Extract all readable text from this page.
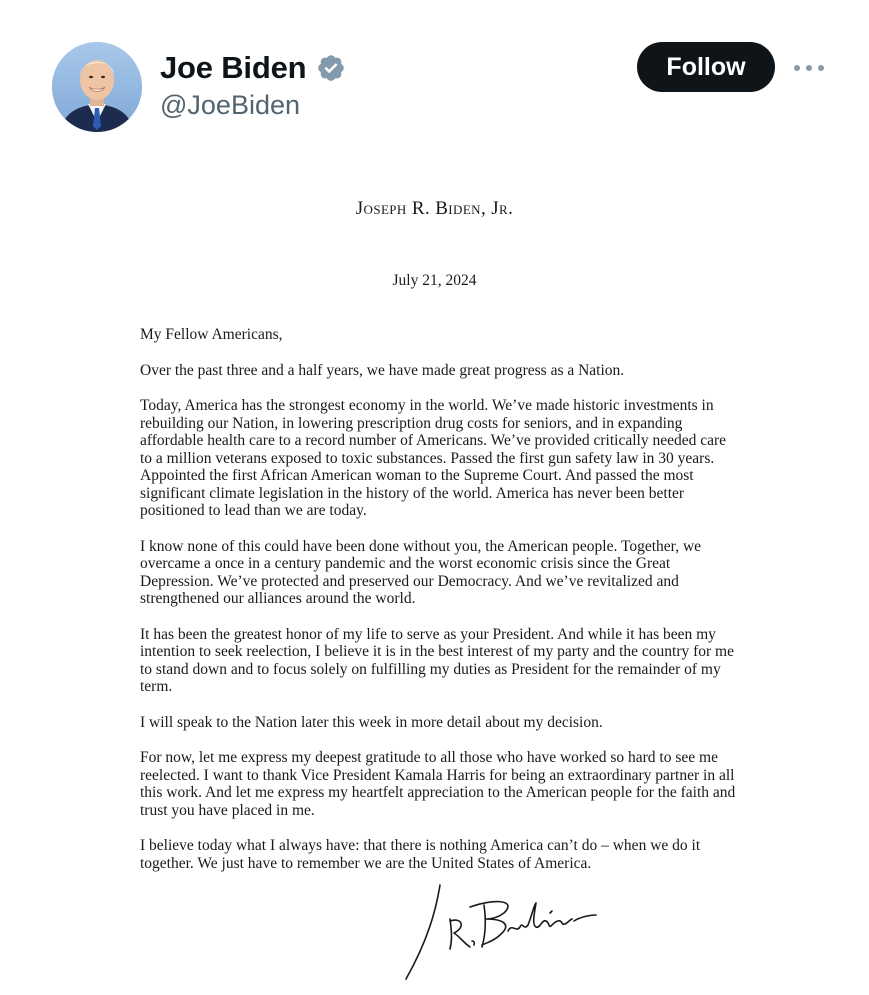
Joe Biden
@JoeBiden
Follow
Joseph R. Biden, Jr.
July 21, 2024

My Fellow Americans,

Over the past three and a half years, we have made great progress as a Nation.

Today, America has the strongest economy in the world. We’ve made historic investments in rebuilding our Nation, in lowering prescription drug costs for seniors, and in expanding affordable health care to a record number of Americans. We’ve provided critically needed care to a million veterans exposed to toxic substances. Passed the first gun safety law in 30 years. Appointed the first African American woman to the Supreme Court. And passed the most significant climate legislation in the history of the world. America has never been better positioned to lead than we are today.

I know none of this could have been done without you, the American people. Together, we overcame a once in a century pandemic and the worst economic crisis since the Great Depression. We’ve protected and preserved our Democracy. And we’ve revitalized and strengthened our alliances around the world.

It has been the greatest honor of my life to serve as your President. And while it has been my intention to seek reelection, I believe it is in the best interest of my party and the country for me to stand down and to focus solely on fulfilling my duties as President for the remainder of my term.

I will speak to the Nation later this week in more detail about my decision.

For now, let me express my deepest gratitude to all those who have worked so hard to see me reelected. I want to thank Vice President Kamala Harris for being an extraordinary partner in all this work. And let me express my heartfelt appreciation to the American people for the faith and trust you have placed in me.

I believe today what I always have: that there is nothing America can’t do – when we do it together. We just have to remember we are the United States of America.
